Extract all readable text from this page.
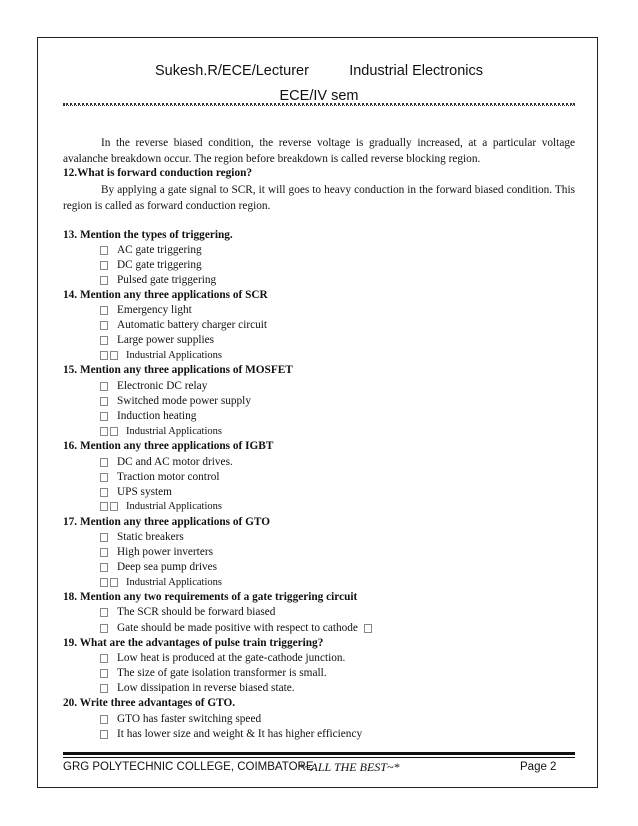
Sukesh.R/ECE/Lecturer          Industrial Electronics
ECE/IV sem

In the reverse biased condition, the reverse voltage is gradually increased, at a particular voltage avalanche breakdown occur. The region before breakdown is called reverse blocking region.

12.What is forward conduction region?

By applying a gate signal to SCR, it will goes to heavy conduction in the forward biased condition. This region is called as forward conduction region.

13. Mention the types of triggering.
AC gate triggering
DC gate triggering
Pulsed gate triggering
14. Mention any three applications of SCR
Emergency light
Automatic battery charger circuit
Large power supplies
Industrial Applications
15. Mention any three applications of MOSFET
Electronic DC relay
Switched mode power supply
Induction heating
Industrial Applications
16. Mention any three applications of IGBT
DC and AC motor drives.
Traction motor control
UPS system
Industrial Applications
17. Mention any three applications of GTO
Static breakers
High power inverters
Deep sea pump drives
Industrial Applications
18. Mention any two requirements of a gate triggering circuit
The SCR should be forward biased
Gate should be made positive with respect to cathode
19. What are the advantages of pulse train triggering?
Low heat is produced at the gate-cathode junction.
The size of gate isolation transformer is small.
Low dissipation in reverse biased state.
20. Write three advantages of GTO.
GTO has faster switching speed
It has lower size and weight & It has higher efficiency
GRG POLYTECHNIC COLLEGE, COIMBATORE
*~ALL THE BEST~*	Page 2
